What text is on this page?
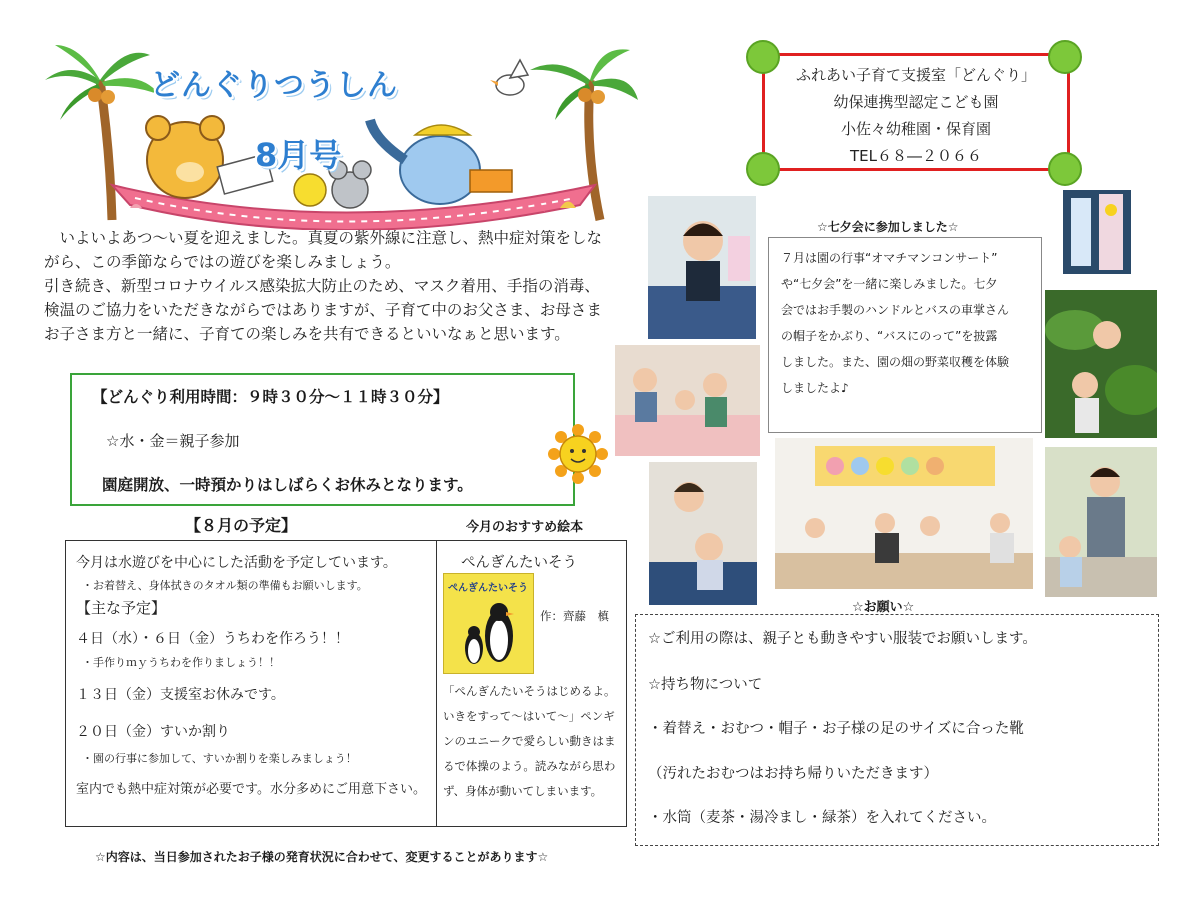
どんぐりつうしん
8月号
ふれあい子育て支援室「どんぐり」
幼保連携型認定こども園
小佐々幼稚園・保育園
TEL６８―２０６６

　いよいよあつ～い夏を迎えました。真夏の紫外線に注意し、熱中症対策をしな

がら、この季節ならではの遊びを楽しみましょう。

引き続き、新型コロナウイルス感染拡大防止のため、マスク着用、手指の消毒、

検温のご協力をいただきながらではありますが、子育て中のお父さま、お母さま

お子さま方と一緒に、子育ての楽しみを共有できるといいなぁと思います。

【どんぐり利用時間：９時３０分～１１時３０分】
☆水・金＝親子参加
園庭開放、一時預かりはしばらくお休みとなります。
【８月の予定】
今月は水遊びを中心にした活動を予定しています。
・お着替え、身体拭きのタオル類の準備もお願いします。
【主な予定】
４日（水）・６日（金）うちわを作ろう！！
・手作りｍｙうちわを作りましょう！！
１３日（金）支援室お休みです。
２０日（金）すいか割り
・園の行事に参加して、すいか割りを楽しみましょう！
室内でも熱中症対策が必要です。水分多めにご用意下さい。
今月のおすすめ絵本
ぺんぎんたいそう
ぺんぎんたいそう
作：齊藤　槙
「ぺんぎんたいそうはじめるよ。
いきをすって～はいて～」ペンギ
ンのユニークで愛らしい動きはま
るで体操のよう。読みながら思わ
ず、身体が動いてしまいます。
☆内容は、当日参加されたお子様の発育状況に合わせて、変更することがあります☆
☆七夕会に参加しました☆
７月は園の行事“オマチマンコンサート”
や“七夕会”を一緒に楽しみました。七夕
会ではお手製のハンドルとバスの車掌さん
の帽子をかぶり、“バスにのって”を披露
しました。また、園の畑の野菜収穫を体験
しましたよ♪
☆お願い☆
☆ご利用の際は、親子とも動きやすい服装でお願いします。
☆持ち物について
・着替え・おむつ・帽子・お子様の足のサイズに合った靴
（汚れたおむつはお持ち帰りいただきます）
・水筒（麦茶・湯冷まし・緑茶）を入れてください。
